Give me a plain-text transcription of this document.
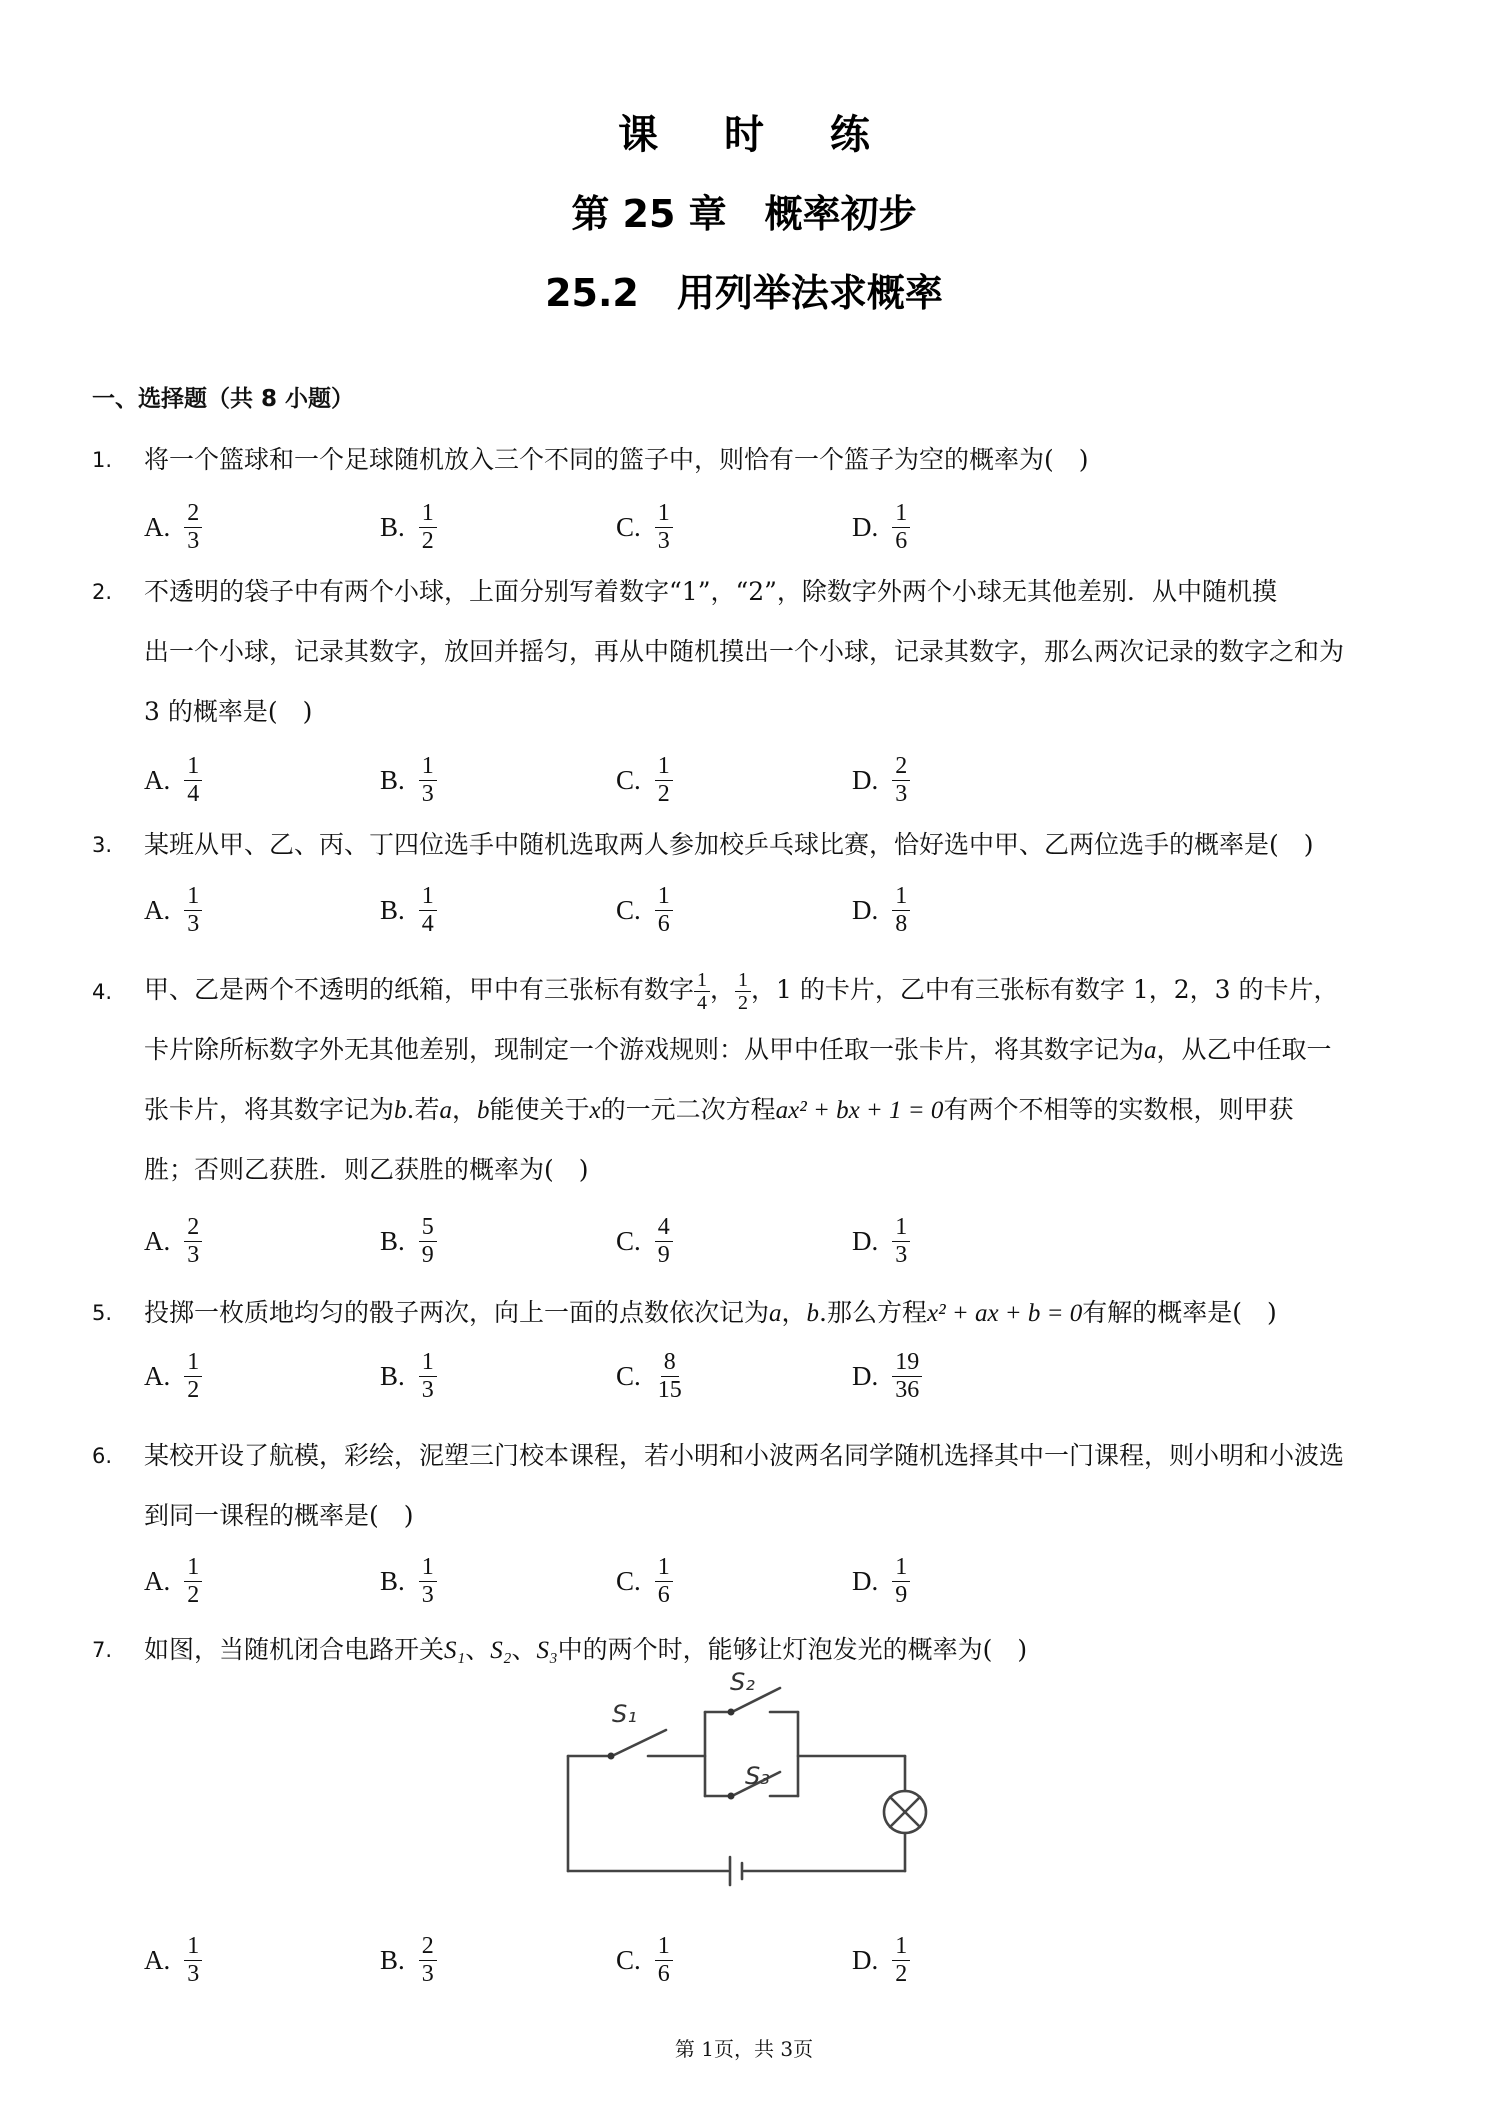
课 时 练
第 25 章　概率初步
25.2　用列举法求概率
一、选择题（共 8 小题）
1.	将一个篮球和一个足球随机放入三个不同的篮子中，则恰有一个篮子为空的概率为(　)

A. $\frac{2}{3}$	B. $\frac{1}{2}$	C. $\frac{1}{3}$	D. $\frac{1}{6}$
2.	不透明的袋子中有两个小球，上面分别写着数字“1”，“2”，除数字外两个小球无其他差别．从中随机摸
出一个小球，记录其数字，放回并摇匀，再从中随机摸出一个小球，记录其数字，那么两次记录的数字之和为
3 的概率是(　)

A. $\frac{1}{4}$	B. $\frac{1}{3}$	C. $\frac{1}{2}$	D. $\frac{2}{3}$
3.	某班从甲、乙、丙、丁四位选手中随机选取两人参加校乒乓球比赛，恰好选中甲、乙两位选手的概率是(　)

A. $\frac{1}{3}$	B. $\frac{1}{4}$	C. $\frac{1}{6}$	D. $\frac{1}{8}$
4.	甲、乙是两个不透明的纸箱，甲中有三张标有数字 $\frac{1}{4}$ ， $\frac{1}{2}$ ，1 的卡片，乙中有三张标有数字 1，2，3 的卡片，
卡片除所标数字外无其他差别，现制定一个游戏规则：从甲中任取一张卡片，将其数字记为a，从乙中任取一
张卡片，将其数字记为b.若a，b能使关于x的一元二次方程ax² + bx + 1 = 0有两个不相等的实数根，则甲获
胜；否则乙获胜．则乙获胜的概率为(　)

A. $\frac{2}{3}$	B. $\frac{5}{9}$	C. $\frac{4}{9}$	D. $\frac{1}{3}$
5.	投掷一枚质地均匀的骰子两次，向上一面的点数依次记为a，b.那么方程x² + ax + b = 0有解的概率是(　)

A. $\frac{1}{2}$	B. $\frac{1}{3}$	C. $\frac{8}{15}$	D. $\frac{19}{36}$
6.	某校开设了航模，彩绘，泥塑三门校本课程，若小明和小波两名同学随机选择其中一门课程，则小明和小波选
到同一课程的概率是(　)

A. $\frac{1}{2}$	B. $\frac{1}{3}$	C. $\frac{1}{6}$	D. $\frac{1}{9}$
7.	如图，当随机闭合电路开关S₁、S₂、S₃中的两个时，能够让灯泡发光的概率为(　)

S₁
S₂
S₃
A. $\frac{1}{3}$	B. $\frac{2}{3}$	C. $\frac{1}{6}$	D. $\frac{1}{2}$
第 1页，共 3页
